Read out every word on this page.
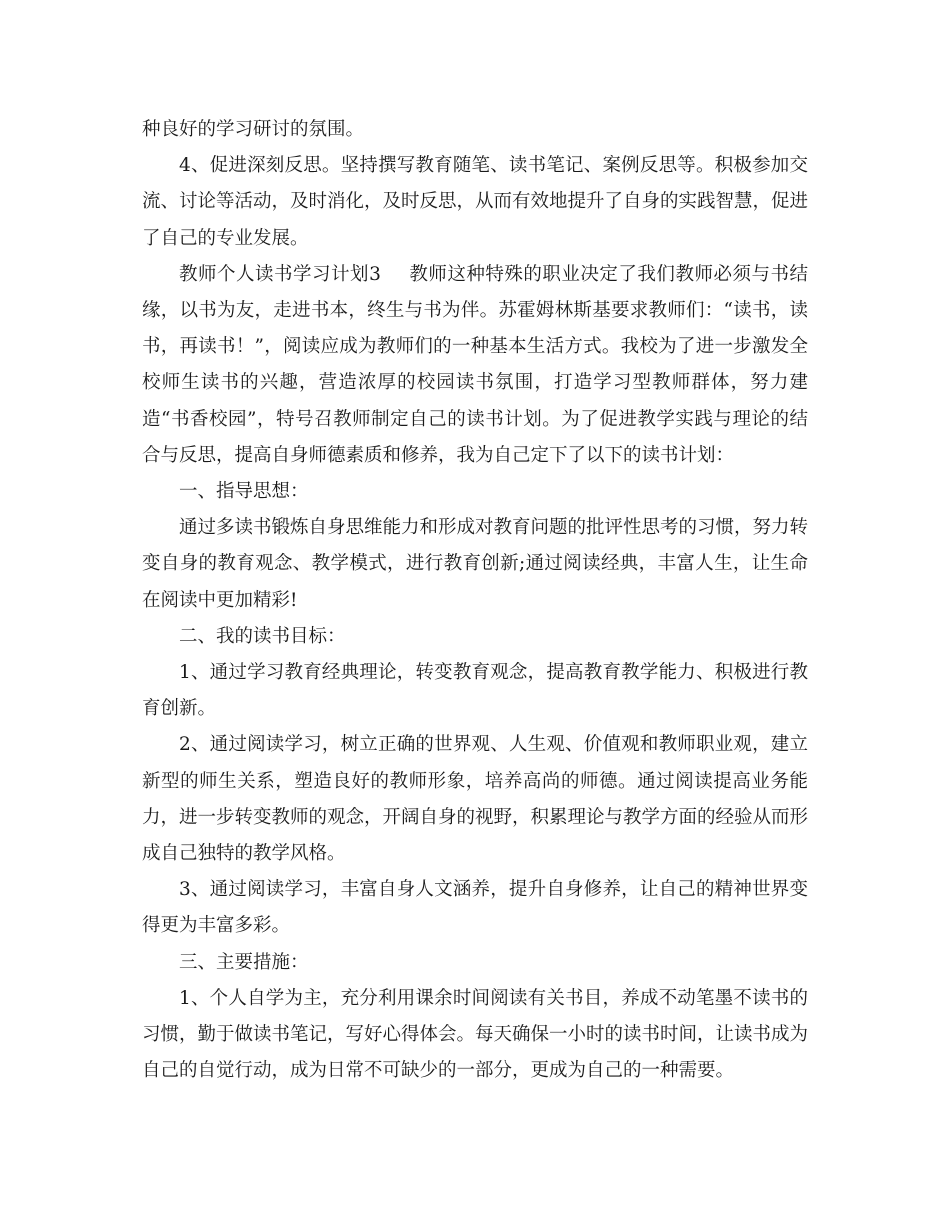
种良好的学习研讨的氛围。

4、促进深刻反思。坚持撰写教育随笔、读书笔记、案例反思等。积极参加交流、讨论等活动，及时消化，及时反思，从而有效地提升了自身的实践智慧，促进了自己的专业发展。

教师个人读书学习计划3 教师这种特殊的职业决定了我们教师必须与书结缘，以书为友，走进书本，终生与书为伴。苏霍姆林斯基要求教师们：“读书，读书，再读书！”，阅读应成为教师们的一种基本生活方式。我校为了进一步激发全校师生读书的兴趣，营造浓厚的校园读书氛围，打造学习型教师群体，努力建造“书香校园”，特号召教师制定自己的读书计划。为了促进教学实践与理论的结合与反思，提高自身师德素质和修养，我为自己定下了以下的读书计划：

一、指导思想：

通过多读书锻炼自身思维能力和形成对教育问题的批评性思考的习惯，努力转变自身的教育观念、教学模式，进行教育创新;通过阅读经典，丰富人生，让生命在阅读中更加精彩!

二、我的读书目标：

1、通过学习教育经典理论，转变教育观念，提高教育教学能力、积极进行教育创新。

2、通过阅读学习，树立正确的世界观、人生观、价值观和教师职业观，建立新型的师生关系，塑造良好的教师形象，培养高尚的师德。通过阅读提高业务能力，进一步转变教师的观念，开阔自身的视野，积累理论与教学方面的经验从而形成自己独特的教学风格。

3、通过阅读学习，丰富自身人文涵养，提升自身修养，让自己的精神世界变得更为丰富多彩。

三、主要措施：

1、个人自学为主，充分利用课余时间阅读有关书目，养成不动笔墨不读书的习惯，勤于做读书笔记，写好心得体会。每天确保一小时的读书时间，让读书成为自己的自觉行动，成为日常不可缺少的一部分，更成为自己的一种需要。
